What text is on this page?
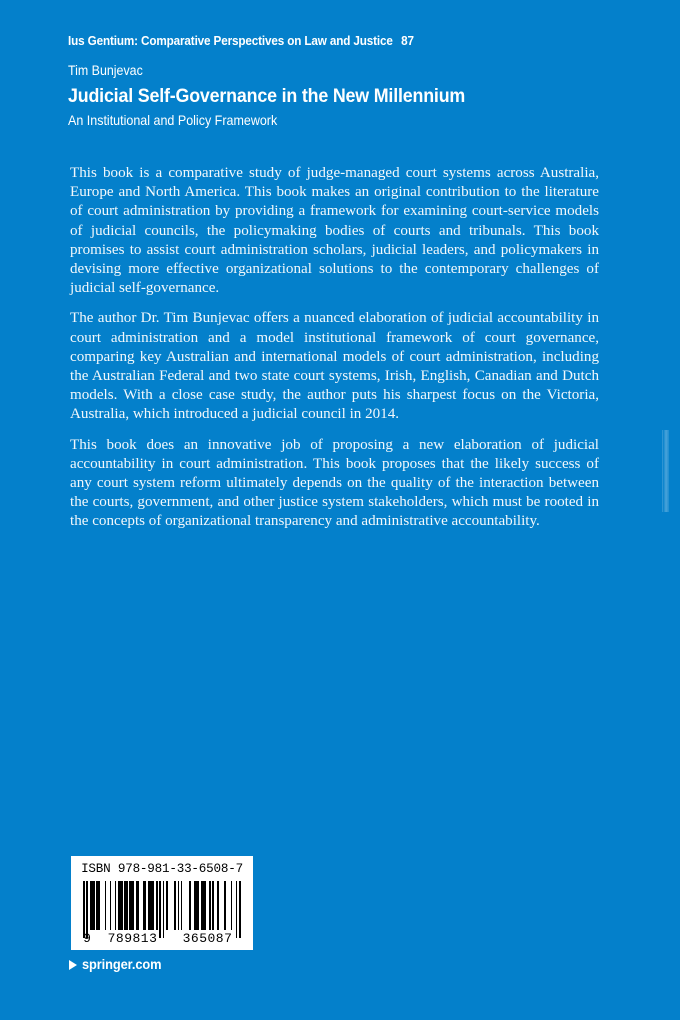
Ius Gentium: Comparative Perspectives on Law and Justice 87
Tim Bunjevac
Judicial Self-Governance in the New Millennium
An Institutional and Policy Framework

This book is a comparative study of judge-managed court systems across Australia, Europe and North America. This book makes an original contribution to the literature of court administration by providing a framework for examining court-service models of judicial councils, the policymaking bodies of courts and tribunals. This book promises to assist court administration scholars, judicial leaders, and policymakers in devising more effective organizational solutions to the contemporary challenges of judicial self-governance.

The author Dr. Tim Bunjevac offers a nuanced elaboration of judicial accountability in court administration and a model institutional framework of court governance, comparing key Australian and international models of court administration, including the Australian Federal and two state court systems, Irish, English, Canadian and Dutch models. With a close case study, the author puts his sharpest focus on the Victoria, Australia, which introduced a judicial council in 2014.

This book does an innovative job of proposing a new elaboration of judicial accountability in court administration. This book proposes that the likely success of any court system reform ultimately depends on the quality of the interaction between the courts, government, and other justice system stakeholders, which must be rooted in the concepts of organizational transparency and administrative accountability.

ISBN 978-981-33-6508-7
9	789813	365087
springer.com
